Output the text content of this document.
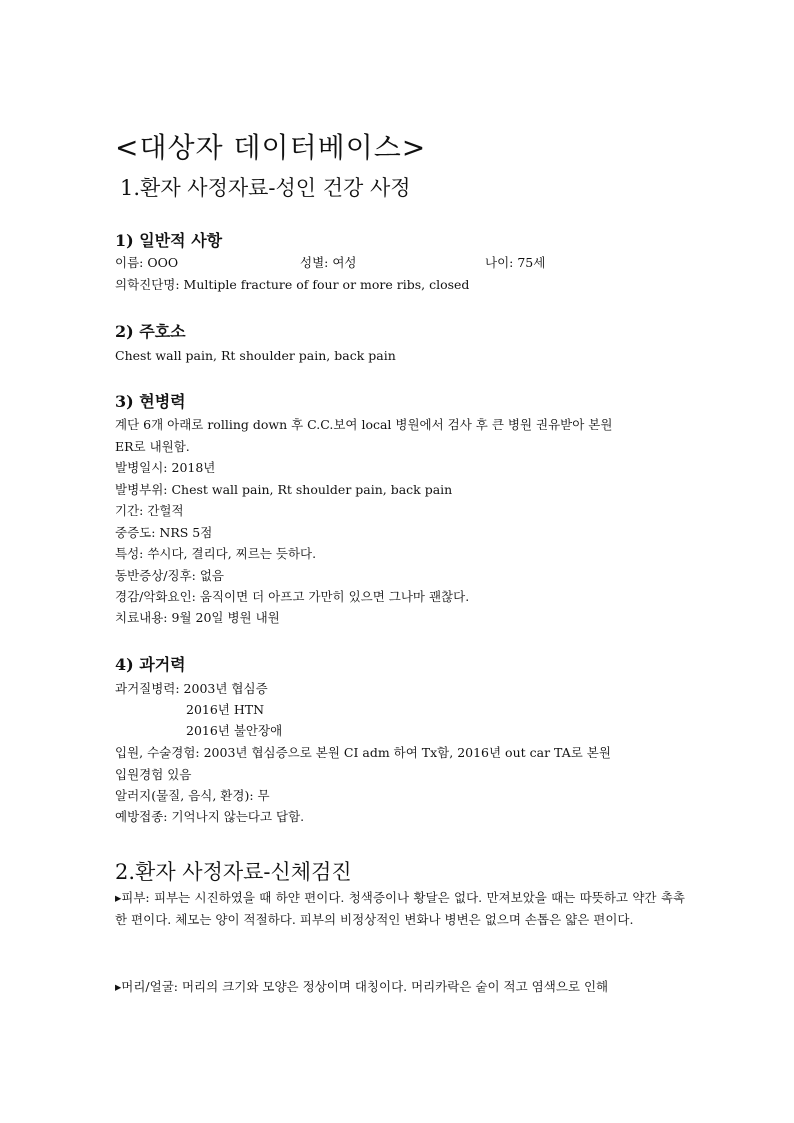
<대상자 데이터베이스>
1.환자 사정자료-성인 건강 사정
1) 일반적 사항
이름: OOO	성별: 여성	나이: 75세
의학진단명: Multiple fracture of four or more ribs, closed
2) 주호소
Chest wall pain, Rt shoulder pain, back pain
3) 현병력
계단 6개 아래로 rolling down 후 C.C.보여 local 병원에서 검사 후 큰 병원 권유받아 본원
ER로 내원함.
발병일시: 2018년
발병부위: Chest wall pain, Rt shoulder pain, back pain
기간: 간헐적
중증도: NRS 5점
특성: 쑤시다, 결리다, 찌르는 듯하다.
동반증상/징후: 없음
경감/악화요인: 움직이면 더 아프고 가만히 있으면 그나마 괜찮다.
치료내용: 9월 20일 병원 내원
4) 과거력
과거질병력: 2003년 협심증
2016년 HTN
2016년 불안장애
입원, 수술경험: 2003년 협심증으로 본원 CI adm 하여 Tx함, 2016년 out car TA로 본원
입원경험 있음
알러지(물질, 음식, 환경): 무
예방접종: 기억나지 않는다고 답함.
2.환자 사정자료-신체검진
▸피부: 피부는 시진하였을 때 하얀 편이다. 청색증이나 황달은 없다. 만져보았을 때는 따뜻하고 약간 촉촉한 편이다. 체모는 양이 적절하다. 피부의 비정상적인 변화나 병변은 없으며 손톱은 얇은 편이다.
▸머리/얼굴: 머리의 크기와 모양은 정상이며 대칭이다. 머리카락은 숱이 적고 염색으로 인해
